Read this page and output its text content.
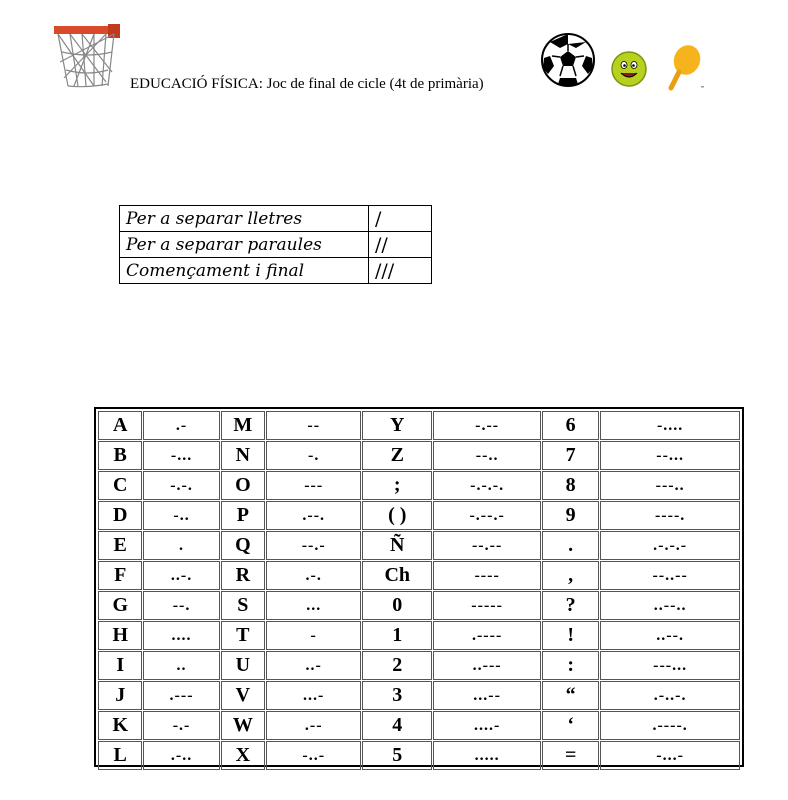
EDUCACIÓ FÍSICA: Joc de final de cicle (4t de primària)
Per a separar lletres	/
Per a separar paraules	//
Començament i final	///
A	.-	M	--	Y	-.--	6	-....
B	-...	N	-.	Z	--..	7	--...
C	-.-.	O	---	;	-.-.-.	8	---..
D	-..	P	.--.	( )	-.--.-	9	----.
E	.	Q	--.-	Ñ	--.--	.	.-.-.-
F	..-.	R	.-.	Ch	----	,	--..--
G	--.	S	...	0	-----	?	..--..
H	....	T	-	1	.----	!	..--.
I	..	U	..-	2	..---	:	---...
J	.---	V	...-	3	...--	“	.-..-.
K	-.-	W	.--	4	....-	‘	.----.
L	.-..	X	-..-	5	.....	=	-...-
